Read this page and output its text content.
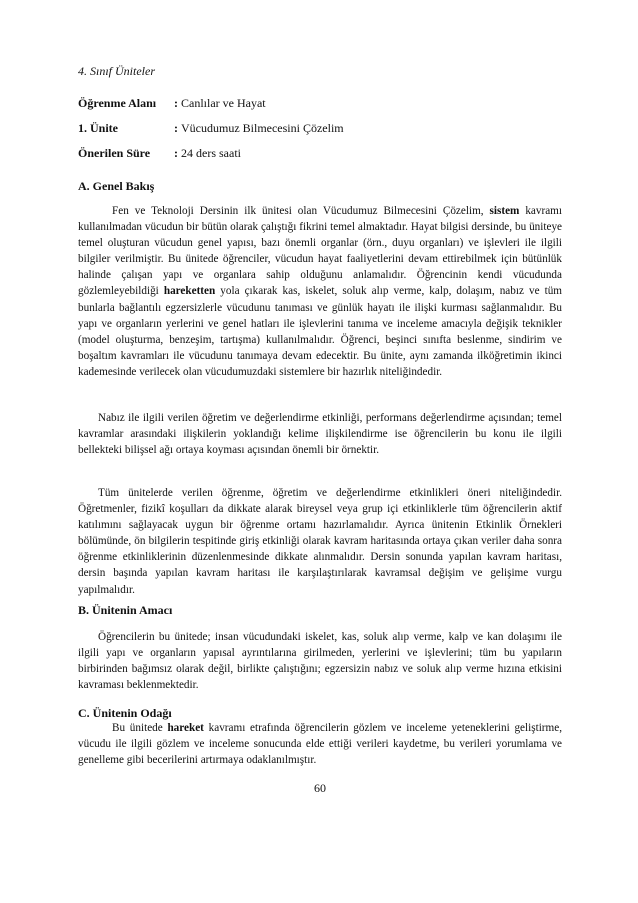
4. Sınıf Üniteler
Öğrenme Alanı : Canlılar ve Hayat
1. Ünite	: Vücudumuz Bilmecesini Çözelim
Önerilen Süre : 24 ders saati
A. Genel Bakış
Fen ve Teknoloji Dersinin ilk ünitesi olan Vücudumuz Bilmecesini Çözelim, sistem kavramı kullanılmadan vücudun bir bütün olarak çalıştığı fikrini temel almaktadır. Hayat bilgisi dersinde, bu üniteye temel oluşturan vücudun genel yapısı, bazı önemli organlar (örn., duyu organları) ve işlevleri ile ilgili bilgiler verilmiştir. Bu ünitede öğrenciler, vücudun hayat faaliyetlerini devam ettirebilmek için bütünlük halinde çalışan yapı ve organlara sahip olduğunu anlamalıdır. Öğrencinin kendi vücudunda gözlemleyebildiği hareketten yola çıkarak kas, iskelet, soluk alıp verme, kalp, dolaşım, nabız ve tüm bunlarla bağlantılı egzersizlerle vücudunu tanıması ve günlük hayatı ile ilişki kurması sağlanmalıdır. Bu yapı ve organların yerlerini ve genel hatları ile işlevlerini tanıma ve inceleme amacıyla değişik teknikler (model oluşturma, benzeşim, tartışma) kullanılmalıdır. Öğrenci, beşinci sınıfta beslenme, sindirim ve boşaltım kavramları ile vücudunu tanımaya devam edecektir. Bu ünite, aynı zamanda ilköğretimin ikinci kademesinde verilecek olan vücudumuzdaki sistemlere bir hazırlık niteliğindedir.
Nabız ile ilgili verilen öğretim ve değerlendirme etkinliği, performans değerlendirme açısından; temel kavramlar arasındaki ilişkilerin yoklandığı kelime ilişkilendirme ise öğrencilerin bu konu ile ilgili bellekteki bilişsel ağı ortaya koyması açısından önemli bir örnektir.
Tüm ünitelerde verilen öğrenme, öğretim ve değerlendirme etkinlikleri öneri niteliğindedir. Öğretmenler, fizikî koşulları da dikkate alarak bireysel veya grup içi etkinliklerle tüm öğrencilerin aktif katılımını sağlayacak uygun bir öğrenme ortamı hazırlamalıdır. Ayrıca ünitenin Etkinlik Örnekleri bölümünde, ön bilgilerin tespitinde giriş etkinliği olarak kavram haritasında ortaya çıkan veriler daha sonra öğrenme etkinliklerinin düzenlenmesinde dikkate alınmalıdır. Dersin sonunda yapılan kavram haritası, dersin başında yapılan kavram haritası ile karşılaştırılarak kavramsal değişim ve gelişime vurgu yapılmalıdır.
B. Ünitenin Amacı
Öğrencilerin bu ünitede; insan vücudundaki iskelet, kas, soluk alıp verme, kalp ve kan dolaşımı ile ilgili yapı ve organların yapısal ayrıntılarına girilmeden, yerlerini ve işlevlerini; tüm bu yapıların birbirinden bağımsız olarak değil, birlikte çalıştığını; egzersizin nabız ve soluk alıp verme hızına etkisini kavraması beklenmektedir.
C. Ünitenin Odağı
Bu ünitede hareket kavramı etrafında öğrencilerin gözlem ve inceleme yeteneklerini geliştirme, vücudu ile ilgili gözlem ve inceleme sonucunda elde ettiği verileri kaydetme, bu verileri yorumlama ve genelleme gibi becerilerini artırmaya odaklanılmıştır.
60
